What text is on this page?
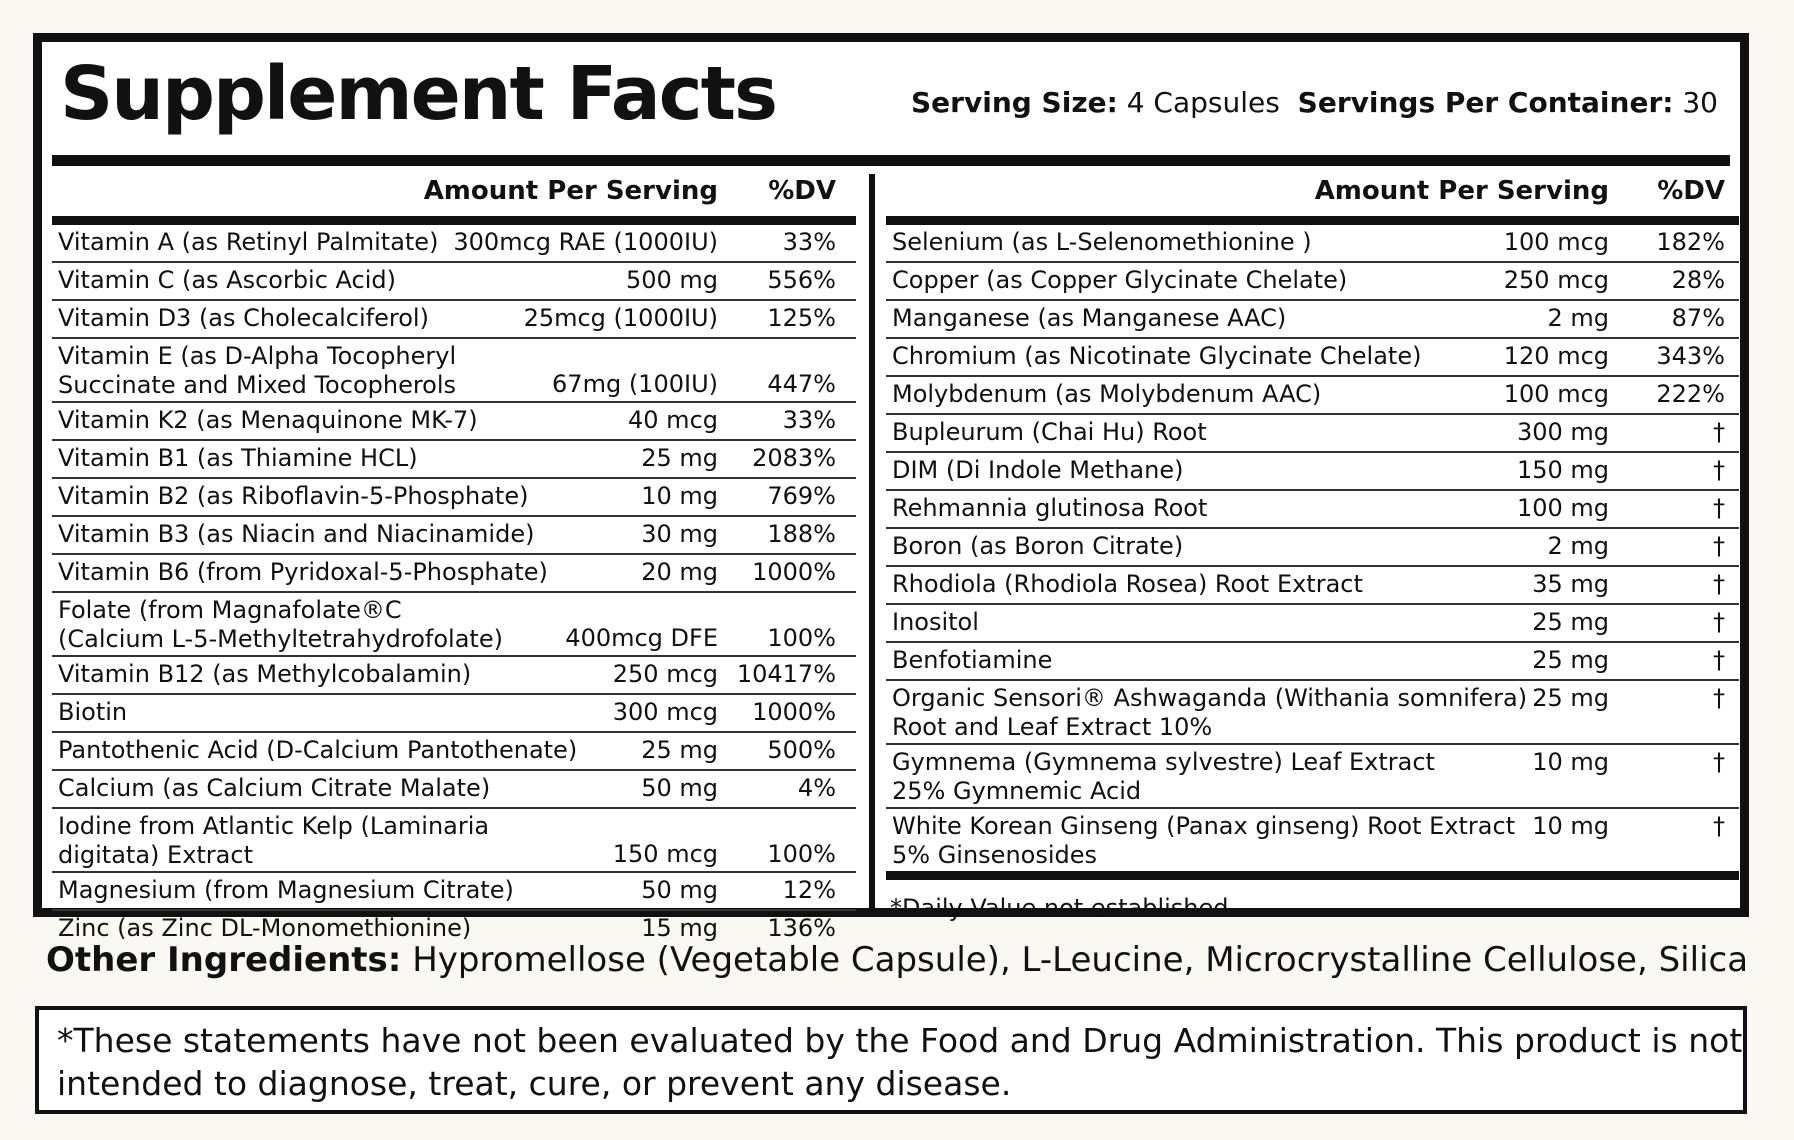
Supplement Facts	Serving Size: 4 Capsules Servings Per Container: 30
Amount Per Serving %DV
Vitamin A (as Retinyl Palmitate) 300mcg RAE (1000IU)	33%
Vitamin C (as Ascorbic Acid)	500 mg 556%
Vitamin D3 (as Cholecalciferol)	25mcg (1000IU) 125%
Vitamin E (as D-Alpha Tocopheryl
Succinate and Mixed Tocopherols	67mg (100IU) 447%
Vitamin K2 (as Menaquinone MK-7)	40 mcg	33%
Vitamin B1 (as Thiamine HCL)	25 mg 2083%
Vitamin B2 (as Riboflavin-5-Phosphate)	10 mg 769%
Vitamin B3 (as Niacin and Niacinamide)	30 mg 188%
Vitamin B6 (from Pyridoxal-5-Phosphate)	20 mg 1000%
Folate (from Magnafolate®C
(Calcium L-5-Methyltetrahydrofolate)	400mcg DFE 100%
Vitamin B12 (as Methylcobalamin)	250 mcg 10417%
Biotin	300 mcg 1000%
Pantothenic Acid (D-Calcium Pantothenate)	25 mg 500%
Calcium (as Calcium Citrate Malate)	50 mg	4%
Iodine from Atlantic Kelp (Laminaria
digitata) Extract	150 mcg 100%
Magnesium (from Magnesium Citrate)	50 mg	12%
Zinc (as Zinc DL-Monomethionine)	15 mg 136%
Amount Per Serving %DV
Selenium (as L-Selenomethionine )	100 mcg 182%
Copper (as Copper Glycinate Chelate)	250 mcg	28%
Manganese (as Manganese AAC)	2 mg	87%
Chromium (as Nicotinate Glycinate Chelate)	120 mcg 343%
Molybdenum (as Molybdenum AAC)	100 mcg 222%
Bupleurum (Chai Hu) Root	300 mg	†
DIM (Di Indole Methane)	150 mg	†
Rehmannia glutinosa Root	100 mg	†
Boron (as Boron Citrate)	2 mg	†
Rhodiola (Rhodiola Rosea) Root Extract	35 mg	†
Inositol	25 mg	†
Benfotiamine	25 mg	†
Organic Sensori® Ashwaganda (Withania somnifera)
Root and Leaf Extract 10%
25 mg	†
Gymnema (Gymnema sylvestre) Leaf Extract
25% Gymnemic Acid
10 mg	†
White Korean Ginseng (Panax ginseng) Root Extract
5% Ginsenosides
10 mg	†
*Daily Value not established
Other Ingredients: Hypromellose (Vegetable Capsule), L-Leucine, Microcrystalline Cellulose, Silica
*These statements have not been evaluated by the Food and Drug Administration. This product is not
intended to diagnose, treat, cure, or prevent any disease.
